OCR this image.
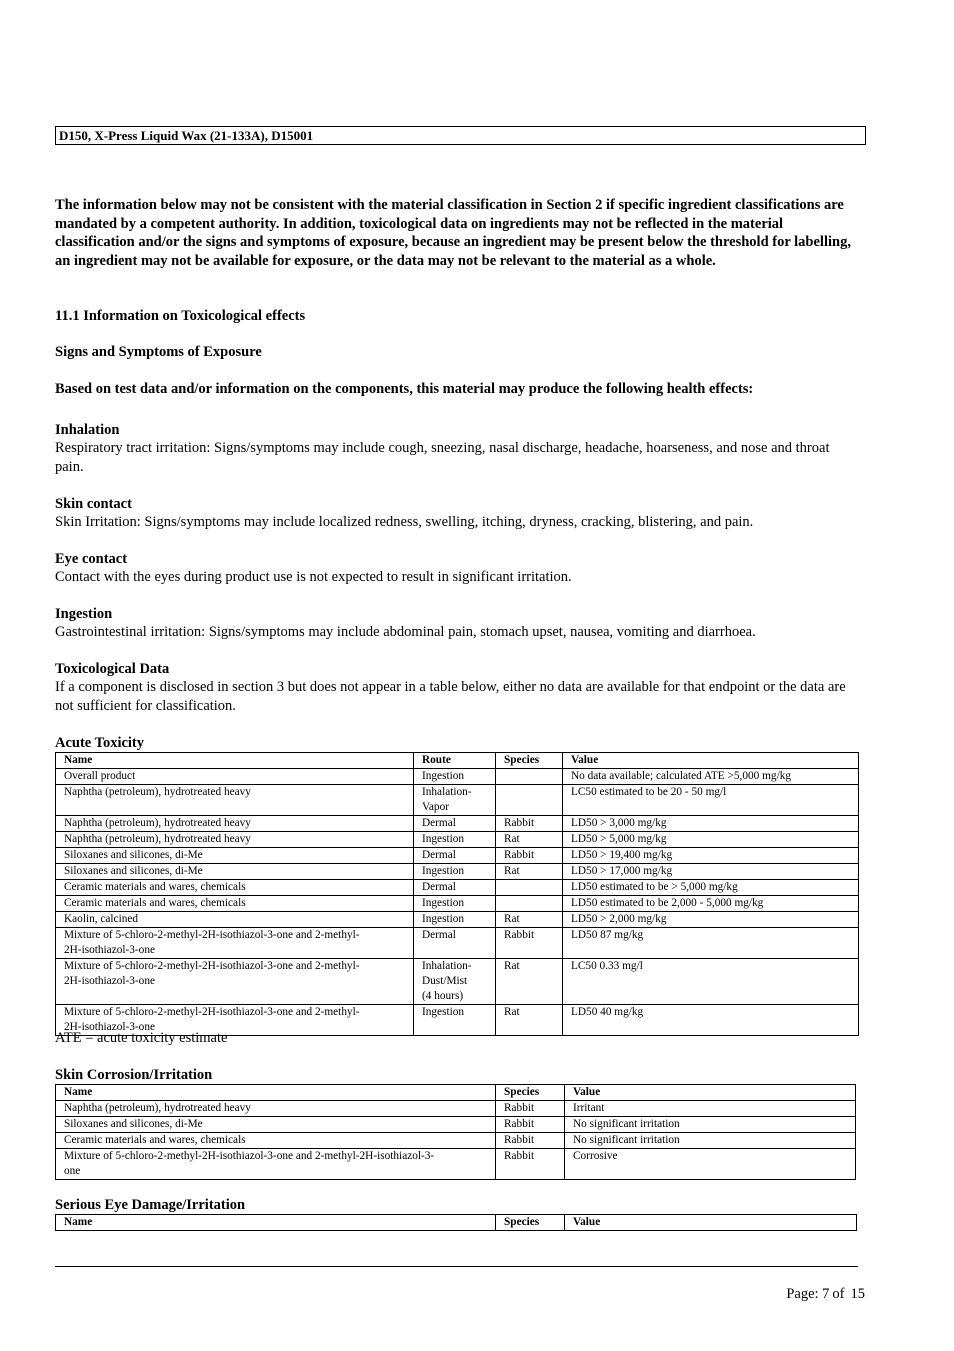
D150, X-Press Liquid Wax (21-133A), D15001
The information below may not be consistent with the material classification in Section 2 if specific ingredient classifications are mandated by a competent authority. In addition, toxicological data on ingredients may not be reflected in the material classification and/or the signs and symptoms of exposure, because an ingredient may be present below the threshold for labelling, an ingredient may not be available for exposure, or the data may not be relevant to the material as a whole.
11.1 Information on Toxicological effects
Signs and Symptoms of Exposure
Based on test data and/or information on the components, this material may produce the following health effects:
Inhalation
Respiratory tract irritation: Signs/symptoms may include cough, sneezing, nasal discharge, headache, hoarseness, and nose and throat pain.
Skin contact
Skin Irritation: Signs/symptoms may include localized redness, swelling, itching, dryness, cracking, blistering, and pain.
Eye contact
Contact with the eyes during product use is not expected to result in significant irritation.
Ingestion
Gastrointestinal irritation: Signs/symptoms may include abdominal pain, stomach upset, nausea, vomiting and diarrhoea.
Toxicological Data
If a component is disclosed in section 3 but does not appear in a table below, either no data are available for that endpoint or the data are not sufficient for classification.
Acute Toxicity
Name	Route	Species	Value
Overall product	Ingestion		No data available; calculated ATE >5,000 mg/kg
Naphtha (petroleum), hydrotreated heavy	Inhalation-
Vapor		LC50 estimated to be 20 - 50 mg/l
Naphtha (petroleum), hydrotreated heavy	Dermal	Rabbit	LD50 > 3,000 mg/kg
Naphtha (petroleum), hydrotreated heavy	Ingestion	Rat	LD50 > 5,000 mg/kg
Siloxanes and silicones, di-Me	Dermal	Rabbit	LD50 > 19,400 mg/kg
Siloxanes and silicones, di-Me	Ingestion	Rat	LD50 > 17,000 mg/kg
Ceramic materials and wares, chemicals	Dermal		LD50 estimated to be > 5,000 mg/kg
Ceramic materials and wares, chemicals	Ingestion		LD50 estimated to be 2,000 - 5,000 mg/kg
Kaolin, calcined	Ingestion	Rat	LD50 > 2,000 mg/kg
Mixture of 5-chloro-2-methyl-2H-isothiazol-3-one and 2-methyl-
2H-isothiazol-3-one	Dermal	Rabbit	LD50 87 mg/kg
Mixture of 5-chloro-2-methyl-2H-isothiazol-3-one and 2-methyl-
2H-isothiazol-3-one	Inhalation-
Dust/Mist
(4 hours)	Rat	LC50 0.33 mg/l
Mixture of 5-chloro-2-methyl-2H-isothiazol-3-one and 2-methyl-
2H-isothiazol-3-one	Ingestion	Rat	LD50 40 mg/kg
ATE = acute toxicity estimate
Skin Corrosion/Irritation
Name	Species	Value
Naphtha (petroleum), hydrotreated heavy	Rabbit	Irritant
Siloxanes and silicones, di-Me	Rabbit	No significant irritation
Ceramic materials and wares, chemicals	Rabbit	No significant irritation
Mixture of 5-chloro-2-methyl-2H-isothiazol-3-one and 2-methyl-2H-isothiazol-3-
one	Rabbit	Corrosive
Serious Eye Damage/Irritation
Name	Species	Value
Page: 7 of 15
